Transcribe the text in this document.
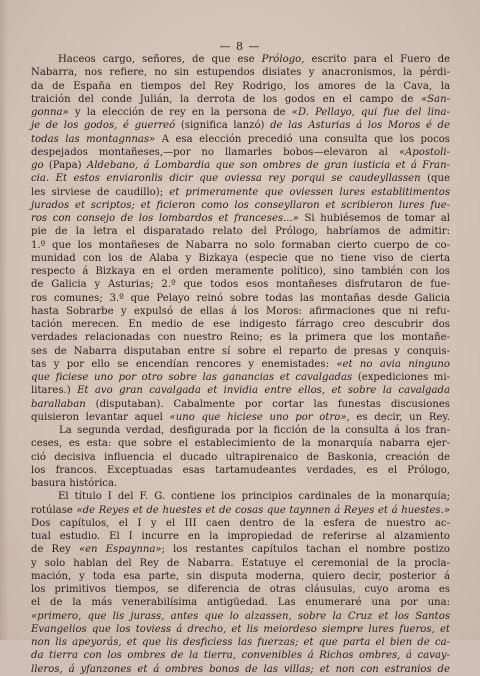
— 8 —
Haceos cargo, señores, de que ese Prólogo, escrito para el Fuero de
Nabarra, nos refiere, no sin estupendos disiates y anacronismos, la pérdi-
da de España en tiempos del Rey Rodrigo, los amores de la Cava, la
traición del conde Julián, la derrota de los godos en el campo de «San-
gonna» y la elección de rey en la persona de «D. Pellayo, qui fue del lina-
je de los godos, é guerreó (significa lanzó) de las Asturias á los Moros é de
todas las montagnnas» A esa elección precedió una consulta que los pocos
despejados montañeses,—por no llamarles bobos—elevaron al «Apostoli-
go (Papa) Aldebano, á Lombardia que son ombres de gran iusticia et á Fran-
cia. Et estos enviaronlis dicir que oviessa rey porqui se caudeyllassen (que
les sirviese de caudillo); et primeramente que oviessen lures establitimentos
jurados et scriptos; et ficieron como los conseyllaron et scribieron lures fue-
ros con consejo de los lombardos et franceses...» Si hubiésemos de tomar al
pie de la letra el disparatado relato del Prólogo, habríamos de admitir:
1.º que los montañeses de Nabarra no solo formaban cierto cuerpo de co-
munidad con los de Alaba y Bizkaya (especie que no tiene viso de cierta
respecto á Bizkaya en el orden meramente político), sino también con los
de Galicia y Asturias; 2.º que todos esos montañeses disfrutaron de fue-
ros comunes; 3.º que Pelayo reinó sobre todas las montañas desde Galicia
hasta Sobrarbe y expulsó de ellas á los Moros: afirmaciones que ni refu-
tación merecen. En medio de ese indigesto fárrago creo descubrir dos
verdades relacionadas con nuestro Reino; es la primera que los montañe-
ses de Nabarra disputaban entre sí sobre el reparto de presas y conquis-
tas y por ello se encendían rencores y enemistades: «et no avia ninguno
que ficiese uno por otro sobre las ganancias et cavalgadas (expediciones mi-
litares.) Et avo gran cavalgada et invidia entre ellos, et sobre la cavalgada
barallaban (disputaban). Cabalmente por cortar las funestas discusiones
quisieron levantar aquel «uno que hiciese uno por otro», es decir, un Rey.
La segunda verdad, desfigurada por la ficción de la consulta á los fran-
ceses, es esta: que sobre el establecimiento de la monarquía nabarra ejer-
ció decisiva influencia el ducado ultrapirenaico de Baskonia, creación de
los francos. Exceptuadas esas tartamudeantes verdades, es el Prólogo,
basura histórica.
El título I del F. G. contiene los principios cardinales de la monarquía;
rotúlase «de Reyes et de huestes et de cosas que taynnen á Reyes et á huestes.»
Dos capítulos, el I y el III caen dentro de la esfera de nuestro ac-
tual estudio. El I incurre en la impropiedad de referirse al alzamiento
de Rey «en Espaynna»; los restantes capítulos tachan el nombre postizo
y solo hablan del Rey de Nabarra. Estatuye el ceremonial de la procla-
mación, y toda esa parte, sin disputa moderna, quiero decir, posterior á
los primitivos tiempos, se diferencia de otras cláusulas, cuyo aroma es
el de la más venerabilísima antigüedad. Las enumeraré una por una:
«primero, que lis jurass, antes que lo alzassen, sobre la Cruz et los Santos
Evangelios que los toviess á drecho, et lis meiordeso siempre lures fueros, et
non lis apeyorás, et que lis desficiess las fuerzas; et que parta el bien de ca-
da tierra con los ombres de la tierra, convenibles á Richos ombres, á cavay-
lleros, á yfanzones et á ombres bonos de las villas; et non con estranios de
